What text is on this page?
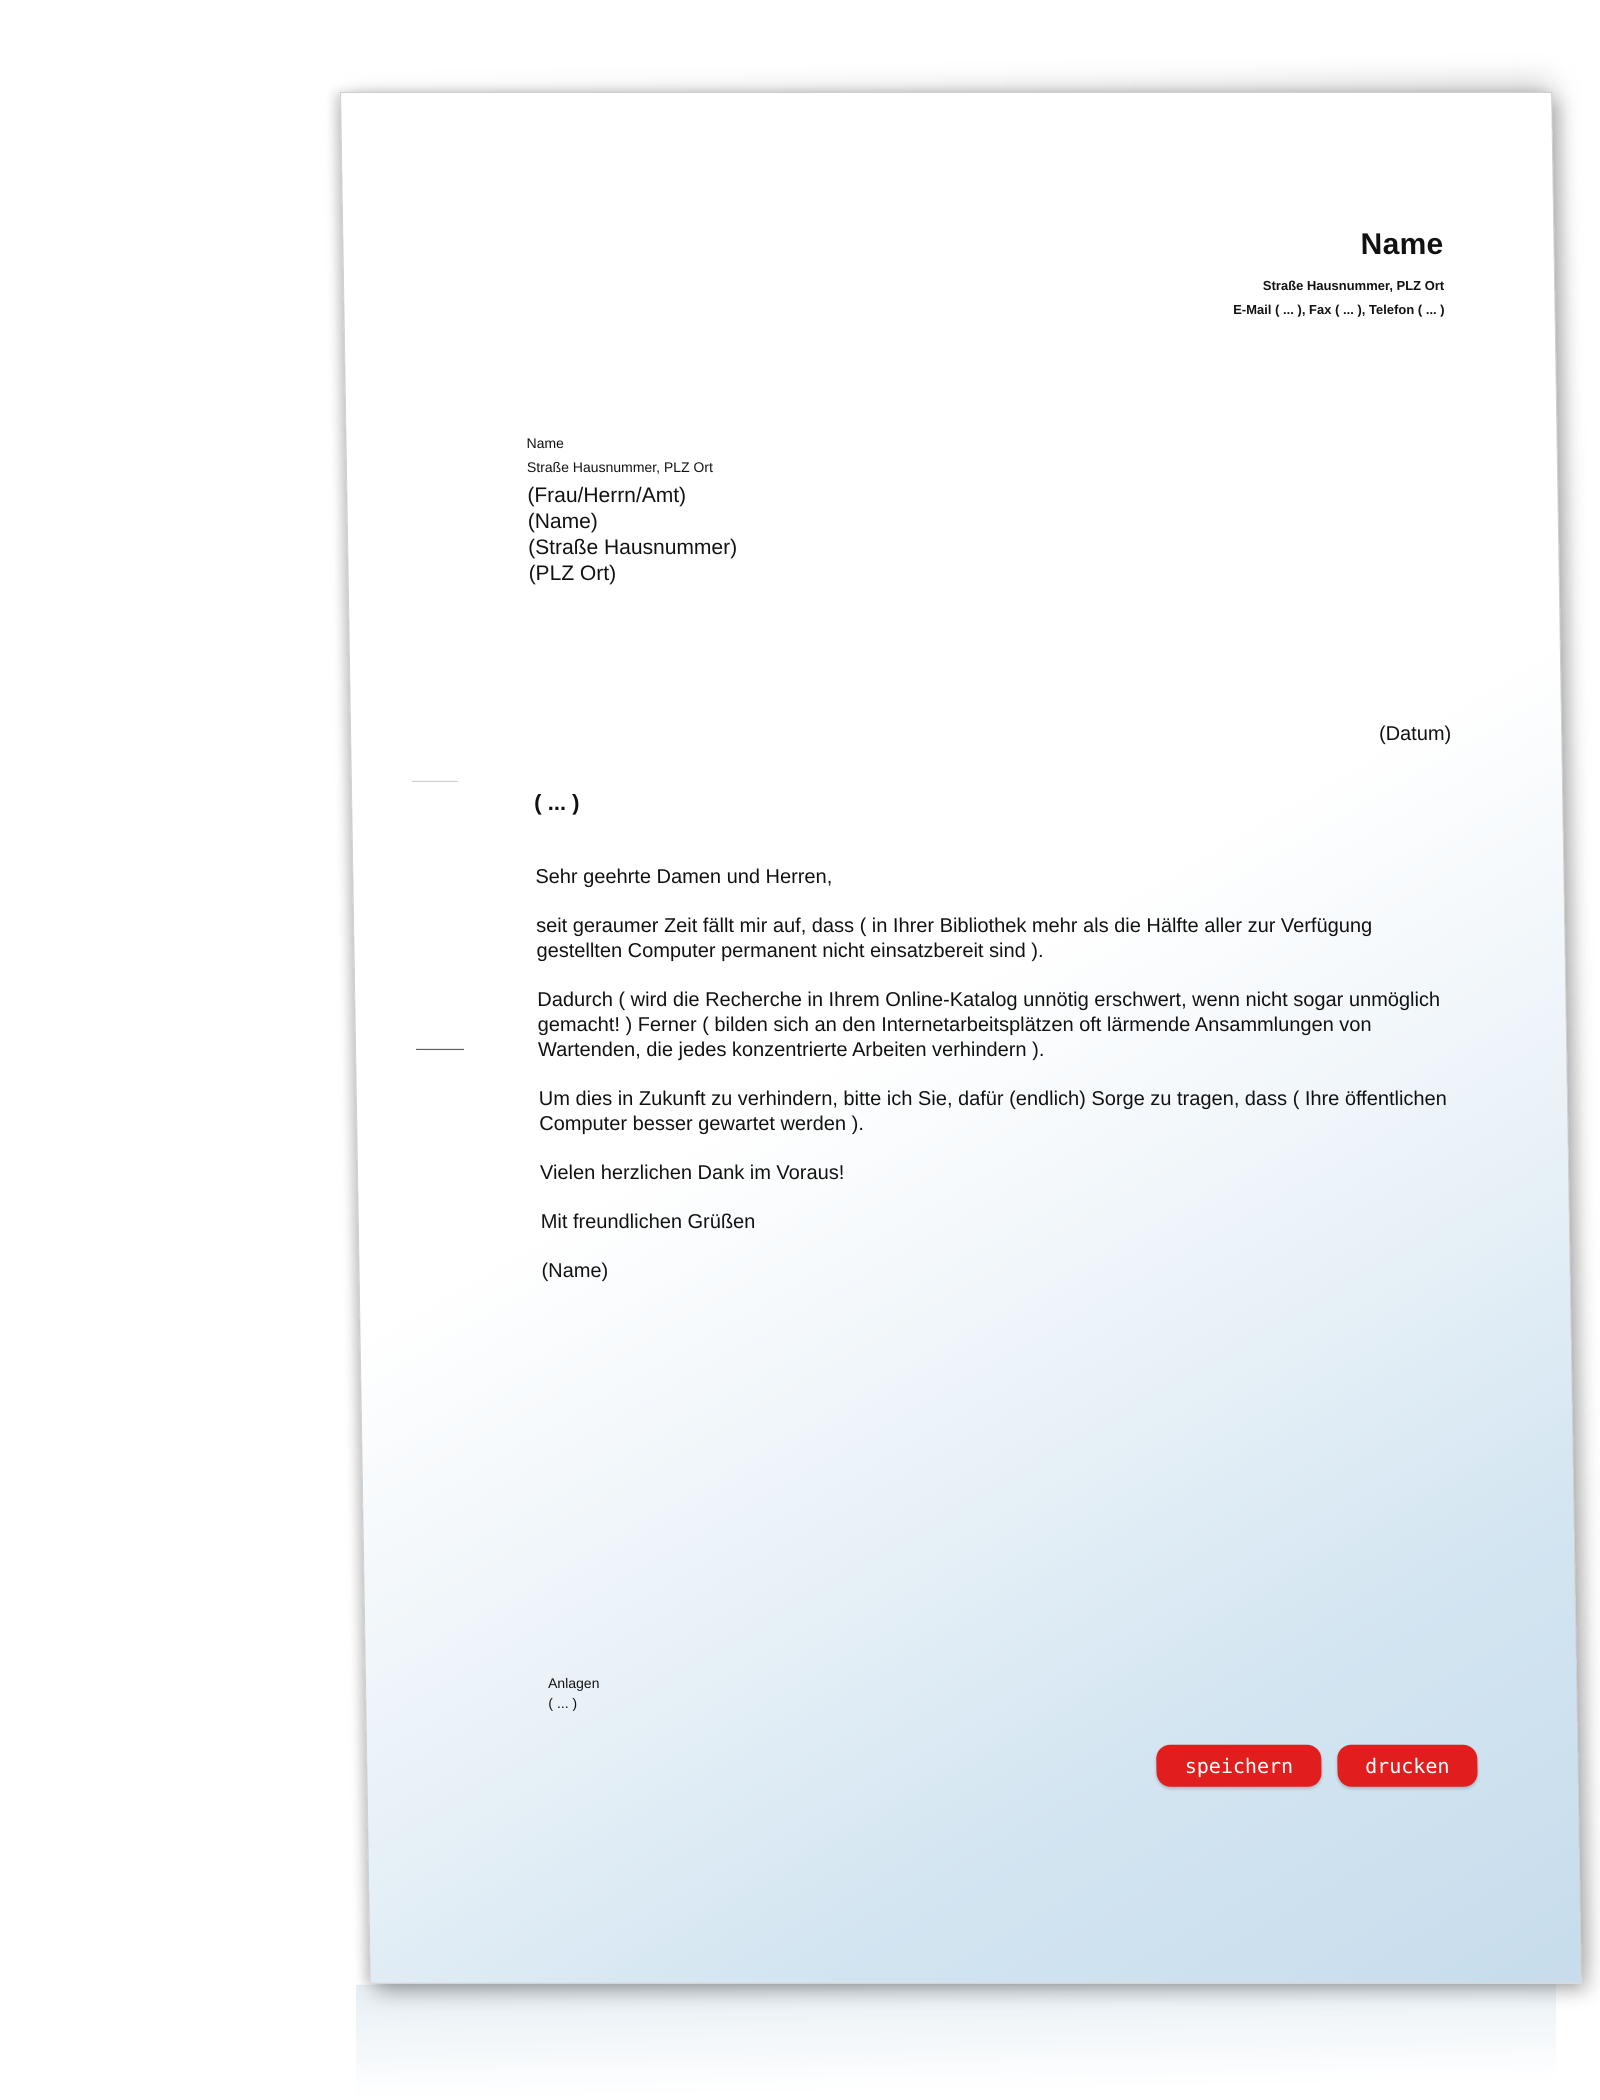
Name
Straße Hausnummer, PLZ Ort
E-Mail ( ... ), Fax ( ... ), Telefon ( ... )
Name
Straße Hausnummer, PLZ Ort
(Frau/Herrn/Amt)
(Name)
(Straße Hausnummer)
(PLZ Ort)
(Datum)
( ... )

Sehr geehrte Damen und Herren,

seit geraumer Zeit fällt mir auf, dass ( in Ihrer Bibliothek mehr als die Hälfte aller zur Verfügung gestellten Computer permanent nicht einsatzbereit sind ).

Dadurch ( wird die Recherche in Ihrem Online-Katalog unnötig erschwert, wenn nicht sogar unmöglich gemacht! ) Ferner ( bilden sich an den Internetarbeitsplätzen oft lärmende Ansammlungen von Wartenden, die jedes konzentrierte Arbeiten verhindern ).

Um dies in Zukunft zu verhindern, bitte ich Sie, dafür (endlich) Sorge zu tragen, dass ( Ihre öffentlichen Computer besser gewartet werden ).

Vielen herzlichen Dank im Voraus!

Mit freundlichen Grüßen

(Name)

Anlagen
( ... )
speichern	drucken
